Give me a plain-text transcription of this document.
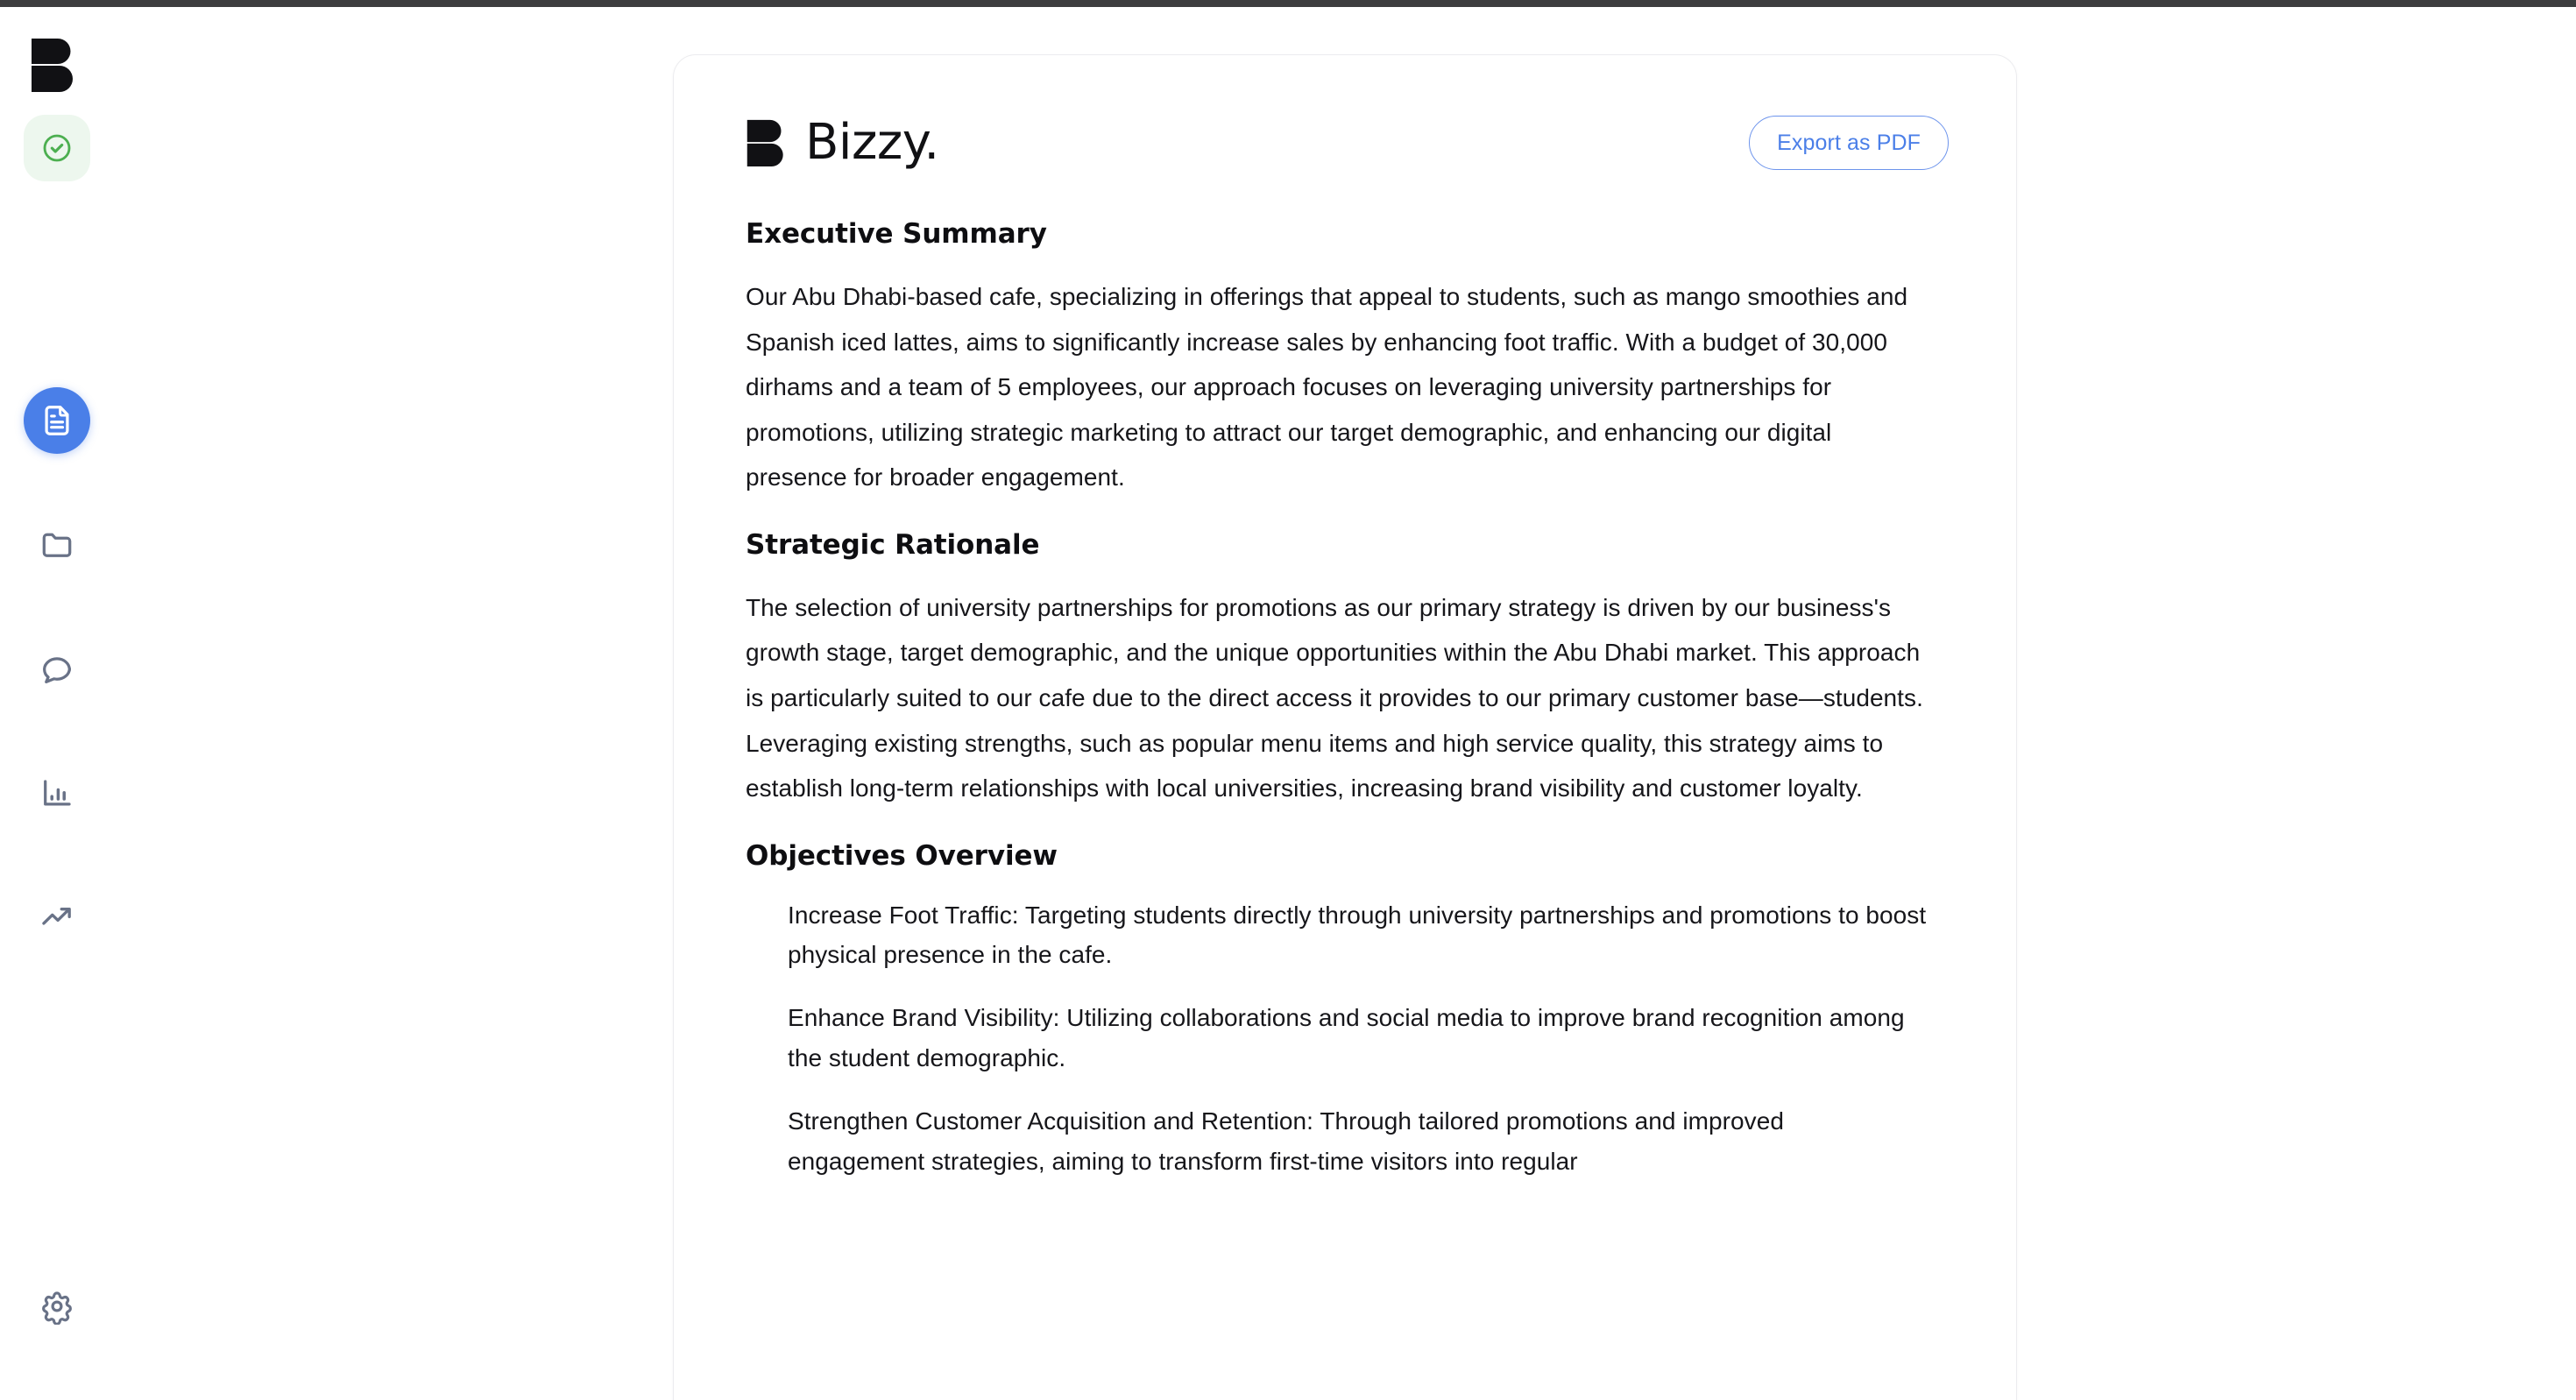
Bizzy.	Export as PDF
Executive Summary

Our Abu Dhabi-based cafe, specializing in offerings that appeal to students, such as mango smoothies and Spanish iced lattes, aims to significantly increase sales by enhancing foot traffic. With a budget of 30,000 dirhams and a team of 5 employees, our approach focuses on leveraging university partnerships for promotions, utilizing strategic marketing to attract our target demographic, and enhancing our digital presence for broader engagement.

Strategic Rationale

The selection of university partnerships for promotions as our primary strategy is driven by our business's growth stage, target demographic, and the unique opportunities within the Abu Dhabi market. This approach is particularly suited to our cafe due to the direct access it provides to our primary customer base—students. Leveraging existing strengths, such as popular menu items and high service quality, this strategy aims to establish long-term relationships with local universities, increasing brand visibility and customer loyalty.

Objectives Overview
Increase Foot Traffic: Targeting students directly through university partnerships and promotions to boost physical presence in the cafe.
Enhance Brand Visibility: Utilizing collaborations and social media to improve brand recognition among the student demographic.
Strengthen Customer Acquisition and Retention: Through tailored promotions and improved engagement strategies, aiming to transform first-time visitors into regular
